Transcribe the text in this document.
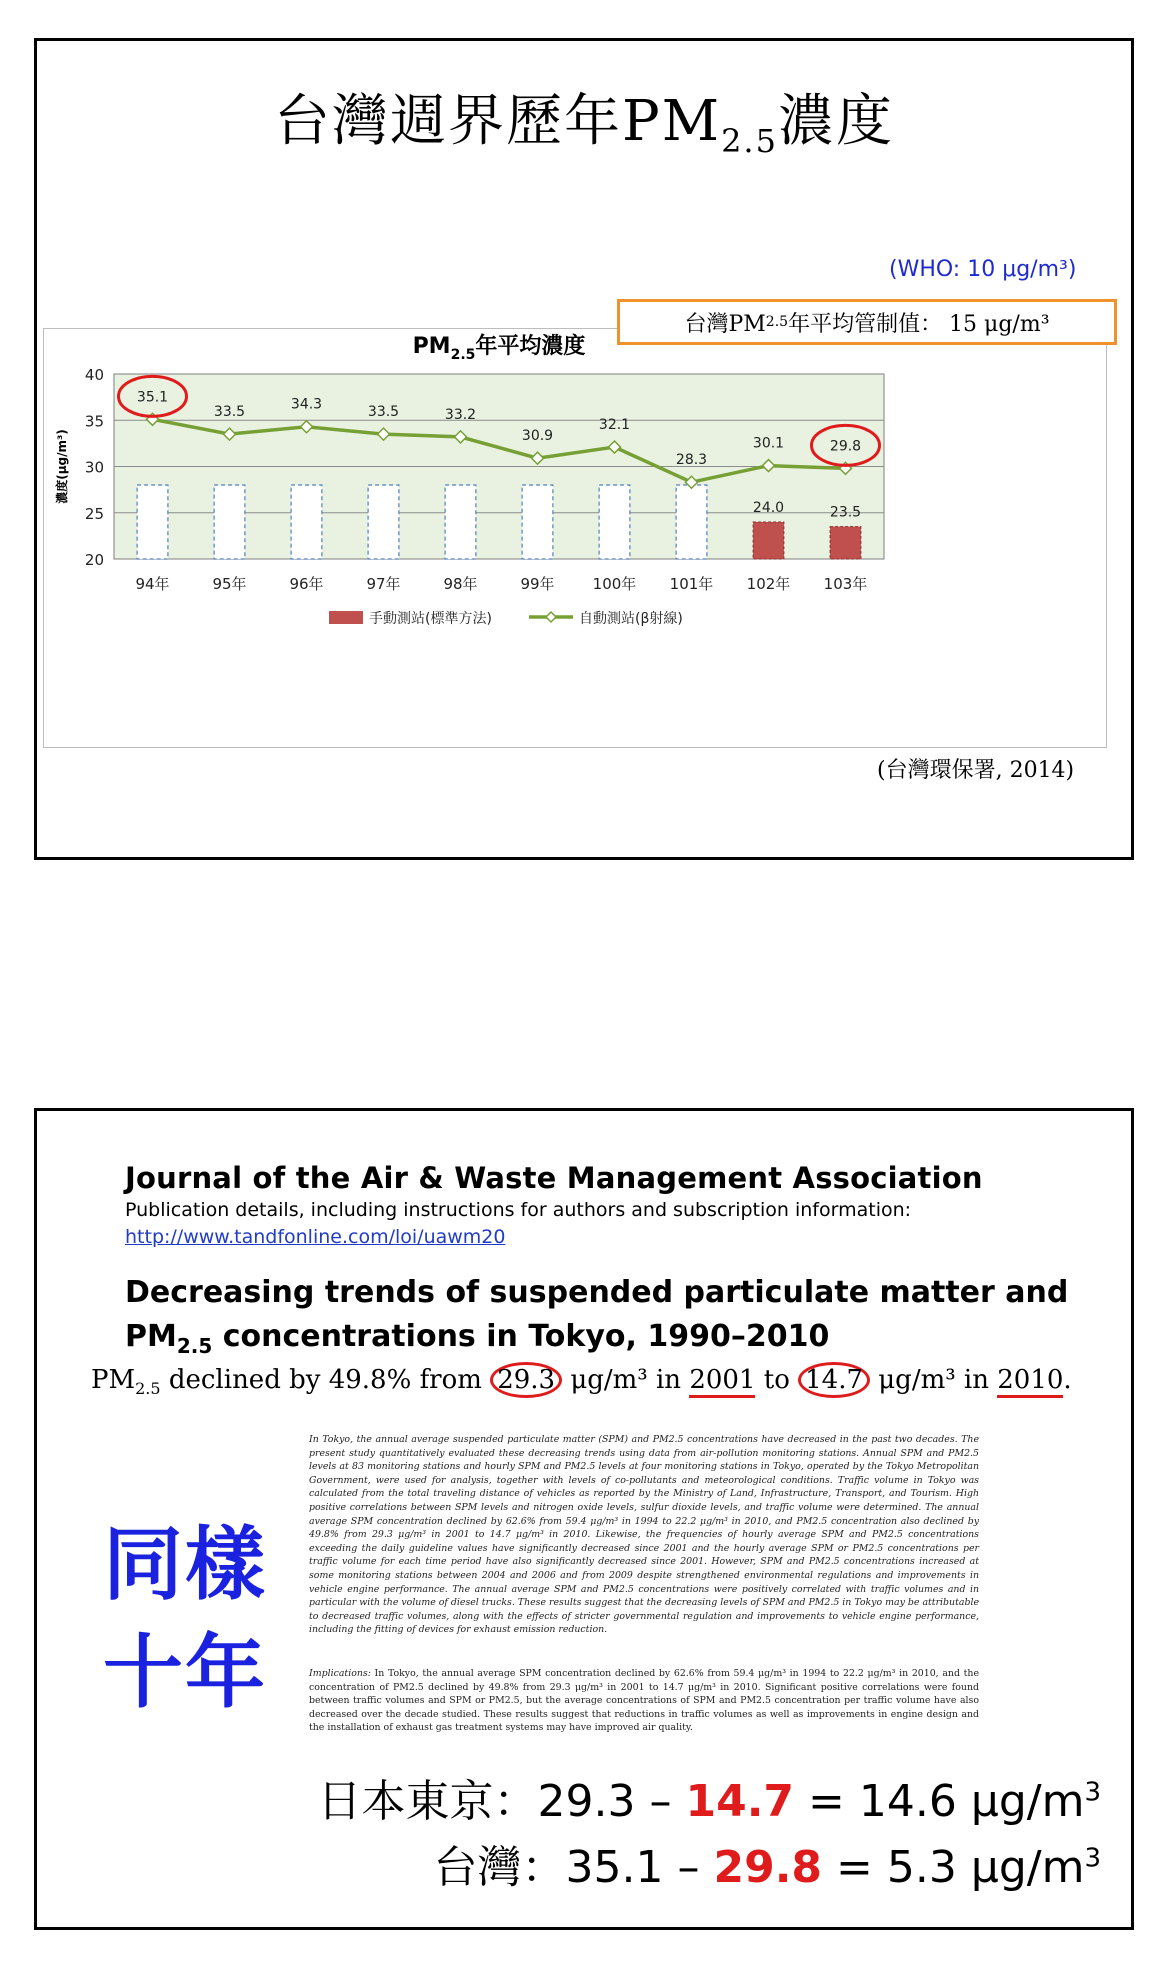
台灣週界歷年$PM_{2.5}$濃度
(WHO: 10 μg/m³)
台灣PM 2.5 年平均管制值： 15 μg/m³
$PM_{2.5}$年平均濃度
20
25
30
35
40
濃度(μg/m³)
24.0	23.5
35.1
33.5	34.3	33.5	33.2
30.9
32.1
28.3
30.1	29.8
94年	95年	96年	97年	98年	99年	100年 101年 102年 103年
手動測站(標準方法)	自動測站(β射線)
(台灣環保署, 2014)
Journal of the Air & Waste Management Association
Publication details, including instructions for authors and subscription information:
http://www.tandfonline.com/loi/uawm20
Decreasing trends of suspended particulate matter and
$PM_{2.5}$ concentrations in Tokyo, 1990–2010
$PM_{2.5}$ declined by 49.8% from 29.3 μg/m³ in 2001 to 14.7 μg/m³ in 2010.
In Tokyo, the annual average suspended particulate matter (SPM) and PM2.5 concentrations have decreased in the past two decades. The present study quantitatively evaluated these decreasing trends using data from air-pollution monitoring stations. Annual SPM and PM2.5 levels at 83 monitoring stations and hourly SPM and PM2.5 levels at four monitoring stations in Tokyo, operated by the Tokyo Metropolitan Government, were used for analysis, together with levels of co-pollutants and meteorological conditions. Traffic volume in Tokyo was calculated from the total traveling distance of vehicles as reported by the Ministry of Land, Infrastructure, Transport, and Tourism. High positive correlations between SPM levels and nitrogen oxide levels, sulfur dioxide levels, and traffic volume were determined. The annual average SPM concentration declined by 62.6% from 59.4 μg/m³ in 1994 to 22.2 μg/m³ in 2010, and PM2.5 concentration also declined by 49.8% from 29.3 μg/m³ in 2001 to 14.7 μg/m³ in 2010. Likewise, the frequencies of hourly average SPM and PM2.5 concentrations exceeding the daily guideline values have significantly decreased since 2001 and the hourly average SPM or PM2.5 concentrations per traffic volume for each time period have also significantly decreased since 2001. However, SPM and PM2.5 concentrations increased at some monitoring stations between 2004 and 2006 and from 2009 despite strengthened environmental regulations and improvements in vehicle engine performance. The annual average SPM and PM2.5 concentrations were positively correlated with traffic volumes and in particular with the volume of diesel trucks. These results suggest that the decreasing levels of SPM and PM2.5 in Tokyo may be attributable to decreased traffic volumes, along with the effects of stricter governmental regulation and improvements to vehicle engine performance, including the fitting of devices for exhaust emission reduction.
Implications: In Tokyo, the annual average SPM concentration declined by 62.6% from 59.4 μg/m³ in 1994 to 22.2 μg/m³ in 2010, and the concentration of PM2.5 declined by 49.8% from 29.3 μg/m³ in 2001 to 14.7 μg/m³ in 2010. Significant positive correlations were found between traffic volumes and SPM or PM2.5, but the average concentrations of SPM and PM2.5 concentration per traffic volume have also decreased over the decade studied. These results suggest that reductions in traffic volumes as well as improvements in engine design and the installation of exhaust gas treatment systems may have improved air quality.
同樣
十年
日本東京：29.3 – 14.7 = 14.6 $\mu g/m^3$
台灣：35.1 – 29.8 = 5.3 $\mu g/m^3$
